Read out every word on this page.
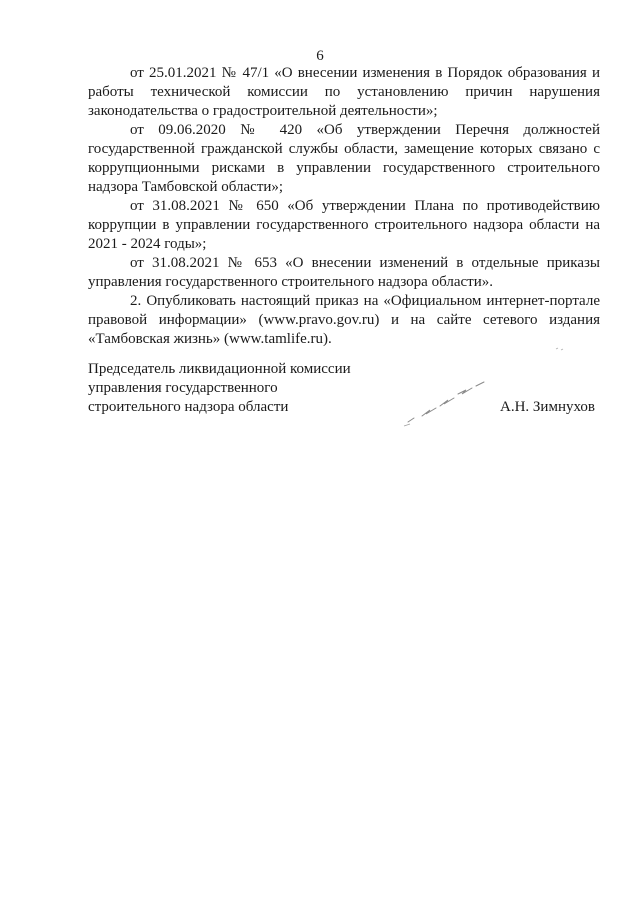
6

от 25.01.2021 № 47/1 «О внесении изменения в Порядок образования и работы технической комиссии по установлению причин нарушения законодательства о градостроительной деятельности»;

от 09.06.2020 № 420 «Об утверждении Перечня должностей государственной гражданской службы области, замещение которых связано с коррупционными рисками в управлении государственного строительного надзора Тамбовской области»;

от 31.08.2021 № 650 «Об утверждении Плана по противодействию коррупции в управлении государственного строительного надзора области на 2021 - 2024 годы»;

от 31.08.2021 № 653 «О внесении изменений в отдельные приказы управления государственного строительного надзора области».

2. Опубликовать настоящий приказ на «Официальном интернет-портале правовой информации» (www.pravo.gov.ru) и на сайте сетевого издания «Тамбовская жизнь» (www.tamlife.ru).

Председатель ликвидационной комиссии
управления государственного
строительного надзора области	А.Н. Зимнухов
